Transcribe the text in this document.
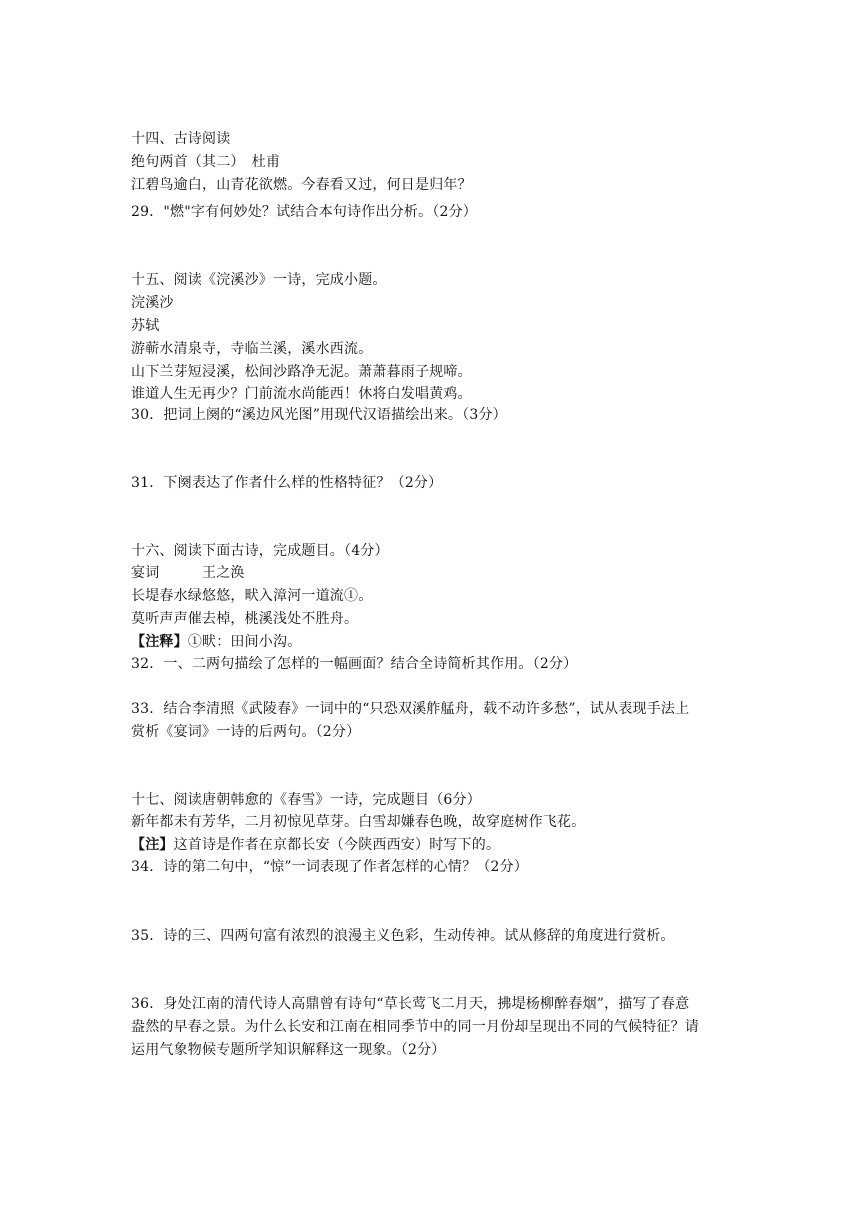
十四、古诗阅读
绝句两首（其二）　杜甫
江碧鸟逾白，山青花欲燃。今春看又过，何日是归年？
29．"燃"字有何妙处？试结合本句诗作出分析。（2分）
十五、阅读《浣溪沙》一诗，完成小题。
浣溪沙
苏轼
游蕲水清泉寺，寺临兰溪，溪水西流。
山下兰芽短浸溪，松间沙路净无泥。萧萧暮雨子规啼。
谁道人生无再少？门前流水尚能西！休将白发唱黄鸡。
30．把词上阕的“溪边风光图”用现代汉语描绘出来。（3分）
31．下阕表达了作者什么样的性格特征？（2分）
十六、阅读下面古诗，完成题目。（4分）
宴词　　　王之涣
长堤春水绿悠悠，畎入漳河一道流①。
莫听声声催去棹，桃溪浅处不胜舟。
【注释】①畎：田间小沟。
32．一、二两句描绘了怎样的一幅画面？结合全诗简析其作用。（2分）
33．结合李清照《武陵春》一词中的“只恐双溪舴艋舟，载不动许多愁”，试从表现手法上
赏析《宴词》一诗的后两句。（2分）
十七、阅读唐朝韩愈的《春雪》一诗，完成题目（6分）
新年都未有芳华，二月初惊见草芽。白雪却嫌春色晚，故穿庭树作飞花。
【注】这首诗是作者在京都长安（今陕西西安）时写下的。
34．诗的第二句中，“惊”一词表现了作者怎样的心情？（2分）
35．诗的三、四两句富有浓烈的浪漫主义色彩，生动传神。试从修辞的角度进行赏析。
36．身处江南的清代诗人高鼎曾有诗句“草长莺飞二月天，拂堤杨柳醉春烟”，描写了春意
盎然的早春之景。为什么长安和江南在相同季节中的同一月份却呈现出不同的气候特征？请
运用气象物候专题所学知识解释这一现象。（2分）
